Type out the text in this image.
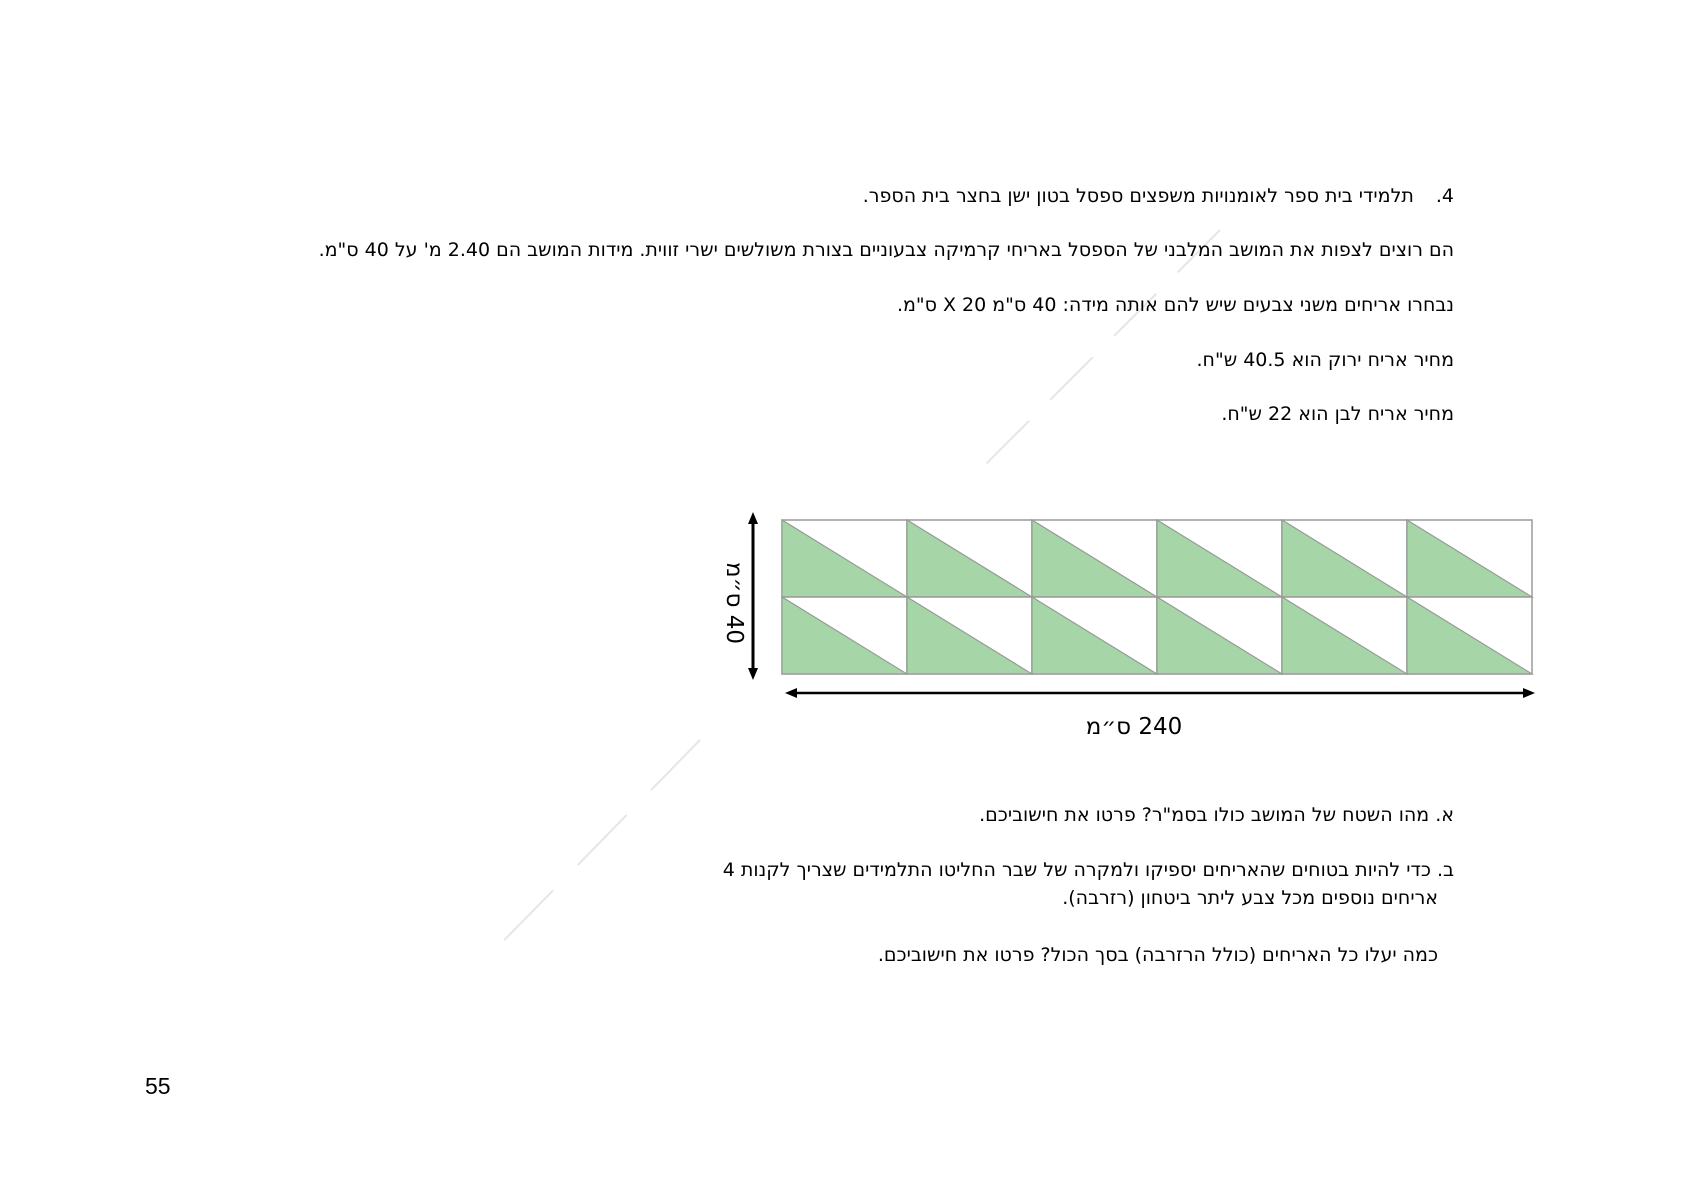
4.תלמידי בית ספר לאומנויות משפצים ספסל בטון ישן בחצר בית הספר.
הם רוצים לצפות את המושב המלבני של הספסל באריחי קרמיקה צבעוניים בצורת משולשים ישרי זווית. מידות המושב הם 2.40 מ' על 40 ס"מ.
נבחרו אריחים משני צבעים שיש להם אותה מידה: 40 ס"מ X 20 ס"מ.
מחיר אריח ירוק הוא 40.5 ש"ח.
מחיר אריח לבן הוא 22 ש"ח.
40 ס״מ
240 ס״מ
א. מהו השטח של המושב כולו בסמ"ר? פרטו את חישוביכם.
ב. כדי להיות בטוחים שהאריחים יספיקו ולמקרה של שבר החליטו התלמידים שצריך לקנות 4
אריחים נוספים מכל צבע ליתר ביטחון (רזרבה).
כמה יעלו כל האריחים (כולל הרזרבה) בסך הכול? פרטו את חישוביכם.
55
